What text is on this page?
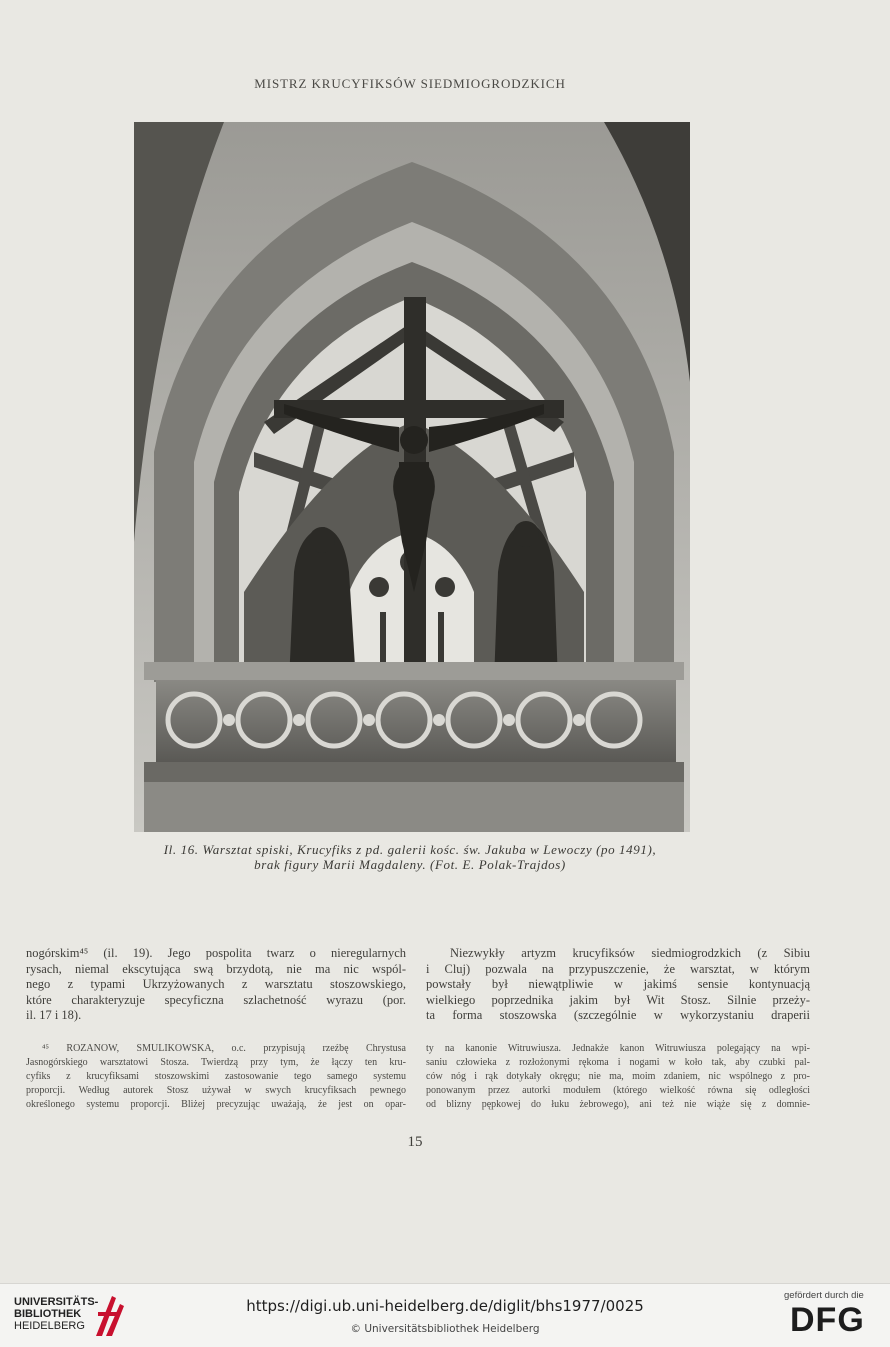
MISTRZ KRUCYFIKSÓW SIEDMIOGRODZKICH
Il. 16. Warsztat spiski, Krucyfiks z pd. galerii kośc. św. Jakuba w Lewoczy (po 1491),
brak figury Marii Magdaleny. (Fot. E. Polak-Trajdos)
nogórskim⁴⁵ (il. 19). Jego pospolita twarz o nieregularnych
rysach, niemal ekscytująca swą brzydotą, nie ma nic wspól-
nego z typami Ukrzyżowanych z warsztatu stoszowskiego,
które charakteryzuje specyficzna szlachetność wyrazu (por.
il. 17 i 18).
Niezwykły artyzm krucyfiksów siedmiogrodzkich (z Sibiu
i Cluj) pozwala na przypuszczenie, że warsztat, w którym
powstały był niewątpliwie w jakimś sensie kontynuacją
wielkiego poprzednika jakim był Wit Stosz. Silnie przeży-
ta forma stoszowska (szczególnie w wykorzystaniu draperii
⁴⁵ ROZANOW, SMULIKOWSKA, o.c. przypisują rzeźbę Chrystusa
Jasnogórskiego warsztatowi Stosza. Twierdzą przy tym, że łączy ten kru-
cyfiks z krucyfiksami stoszowskimi zastosowanie tego samego systemu
proporcji. Według autorek Stosz używał w swych krucyfiksach pewnego
określonego systemu proporcji. Bliżej precyzując uważają, że jest on opar-
ty na kanonie Witruwiusza. Jednakże kanon Witruwiusza polegający na wpi-
saniu człowieka z rozłożonymi rękoma i nogami w koło tak, aby czubki pal-
ców nóg i rąk dotykały okręgu; nie ma, moim zdaniem, nic wspólnego z pro-
ponowanym przez autorki modułem (którego wielkość równa się odległości
od blizny pępkowej do łuku żebrowego), ani też nie wiąże się z domnie-
15
UNIVERSITÄTS-
BIBLIOTHEK
HEIDELBERG
https://digi.ub.uni-heidelberg.de/diglit/bhs1977/0025
© Universitätsbibliothek Heidelberg
gefördert durch die
DFG
